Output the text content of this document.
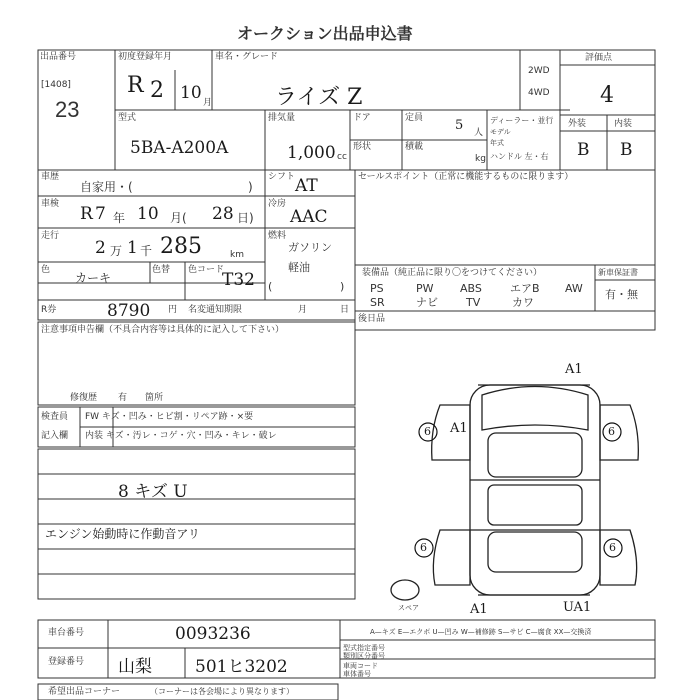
オークション出品申込書
出品番号
[1408]
23
初度登録年月
R 2 10 月
車名・グレード
ライズ Z
2WD
4WD
評価点
4
外装	内装
B B
型式
5BA-A200A
排気量
1,000 cc
ドア	定員 5 人
ディーラー・並行
モデル
年式
ハンドル 左・右
形状	積載
kg
車歴
自家用・(	)
シフト AT
車検 R 7 年 10 月( 28 日)
冷房
AAC
走行
2 万 1 千 285	km
燃料
ガソリン
軽油
(	)
色
カーキ
色替 色コード
T32
R券	8790 円 名変通知期限	月	日
セールスポイント（正常に機能するものに限ります）
装備品（純正品に限り〇をつけてください）
PS	PW ABS	エアB AW
SR	ナビ	TV	カワ
新車保証書
有・無
後日品
注意事項申告欄（不具合内容等は具体的に記入して下さい）
修復歴 有 箇所
検査員
記入欄
FW キズ・凹み・ヒビ割・リペア跡・×要
内装 キズ・汚レ・コゲ・穴・凹み・キレ・破レ
8 キズ U
エンジン始動時に作動音アリ
A1
A1
A1	UA1
6	6
6	6
スペア
A—キズ E—エクボ U—凹み W—補修跡 S—サビ C—腐食 XX—交換済
車台番号	0093236
登録番号 山梨	501ヒ3202
型式指定番号
類別区分番号
車両コード
車体番号
希望出品コーナー	（コーナーは各会場により異なります）
